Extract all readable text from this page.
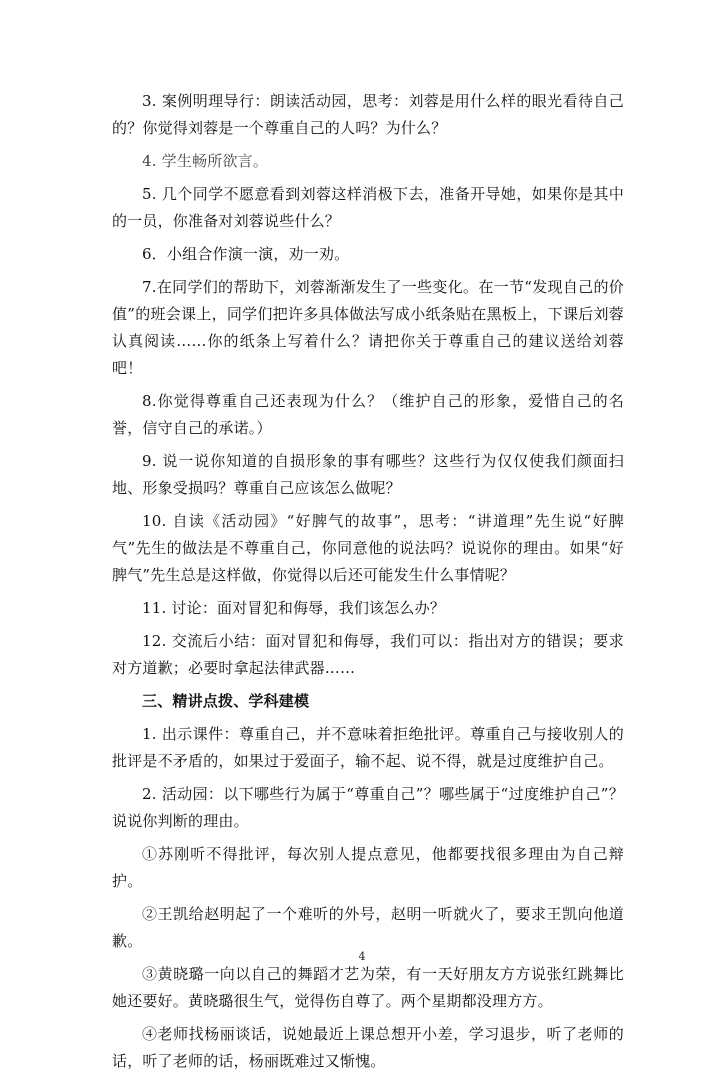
3. 案例明理导行：朗读活动园，思考：刘蓉是用什么样的眼光看待自己的？你觉得刘蓉是一个尊重自己的人吗？为什么？

4. 学生畅所欲言。

5. 几个同学不愿意看到刘蓉这样消极下去，准备开导她，如果你是其中的一员，你准备对刘蓉说些什么？

6．小组合作演一演，劝一劝。

7.在同学们的帮助下，刘蓉渐渐发生了一些变化。在一节“发现自己的价值”的班会课上，同学们把许多具体做法写成小纸条贴在黑板上，下课后刘蓉认真阅读……你的纸条上写着什么？请把你关于尊重自己的建议送给刘蓉吧！

8.你觉得尊重自己还表现为什么？（维护自己的形象，爱惜自己的名誉，信守自己的承诺。）

9. 说一说你知道的自损形象的事有哪些？这些行为仅仅使我们颜面扫地、形象受损吗？尊重自己应该怎么做呢？

10. 自读《活动园》“好脾气的故事”，思考：“讲道理”先生说“好脾气”先生的做法是不尊重自己，你同意他的说法吗？说说你的理由。如果“好脾气”先生总是这样做，你觉得以后还可能发生什么事情呢？

11. 讨论：面对冒犯和侮辱，我们该怎么办？

12. 交流后小结：面对冒犯和侮辱，我们可以：指出对方的错误；要求对方道歉；必要时拿起法律武器……

三、精讲点拨、学科建模

1. 出示课件：尊重自己，并不意味着拒绝批评。尊重自己与接收别人的批评是不矛盾的，如果过于爱面子，输不起、说不得，就是过度维护自己。

2. 活动园：以下哪些行为属于“尊重自己”？哪些属于“过度维护自己”？说说你判断的理由。

①苏刚听不得批评，每次别人提点意见，他都要找很多理由为自己辩护。

②王凯给赵明起了一个难听的外号，赵明一听就火了，要求王凯向他道歉。

③黄晓璐一向以自己的舞蹈才艺为荣，有一天好朋友方方说张红跳舞比她还要好。黄晓璐很生气，觉得伤自尊了。两个星期都没理方方。

④老师找杨丽谈话，说她最近上课总想开小差，学习退步，听了老师的话，听了老师的话，杨丽既难过又惭愧。

4
